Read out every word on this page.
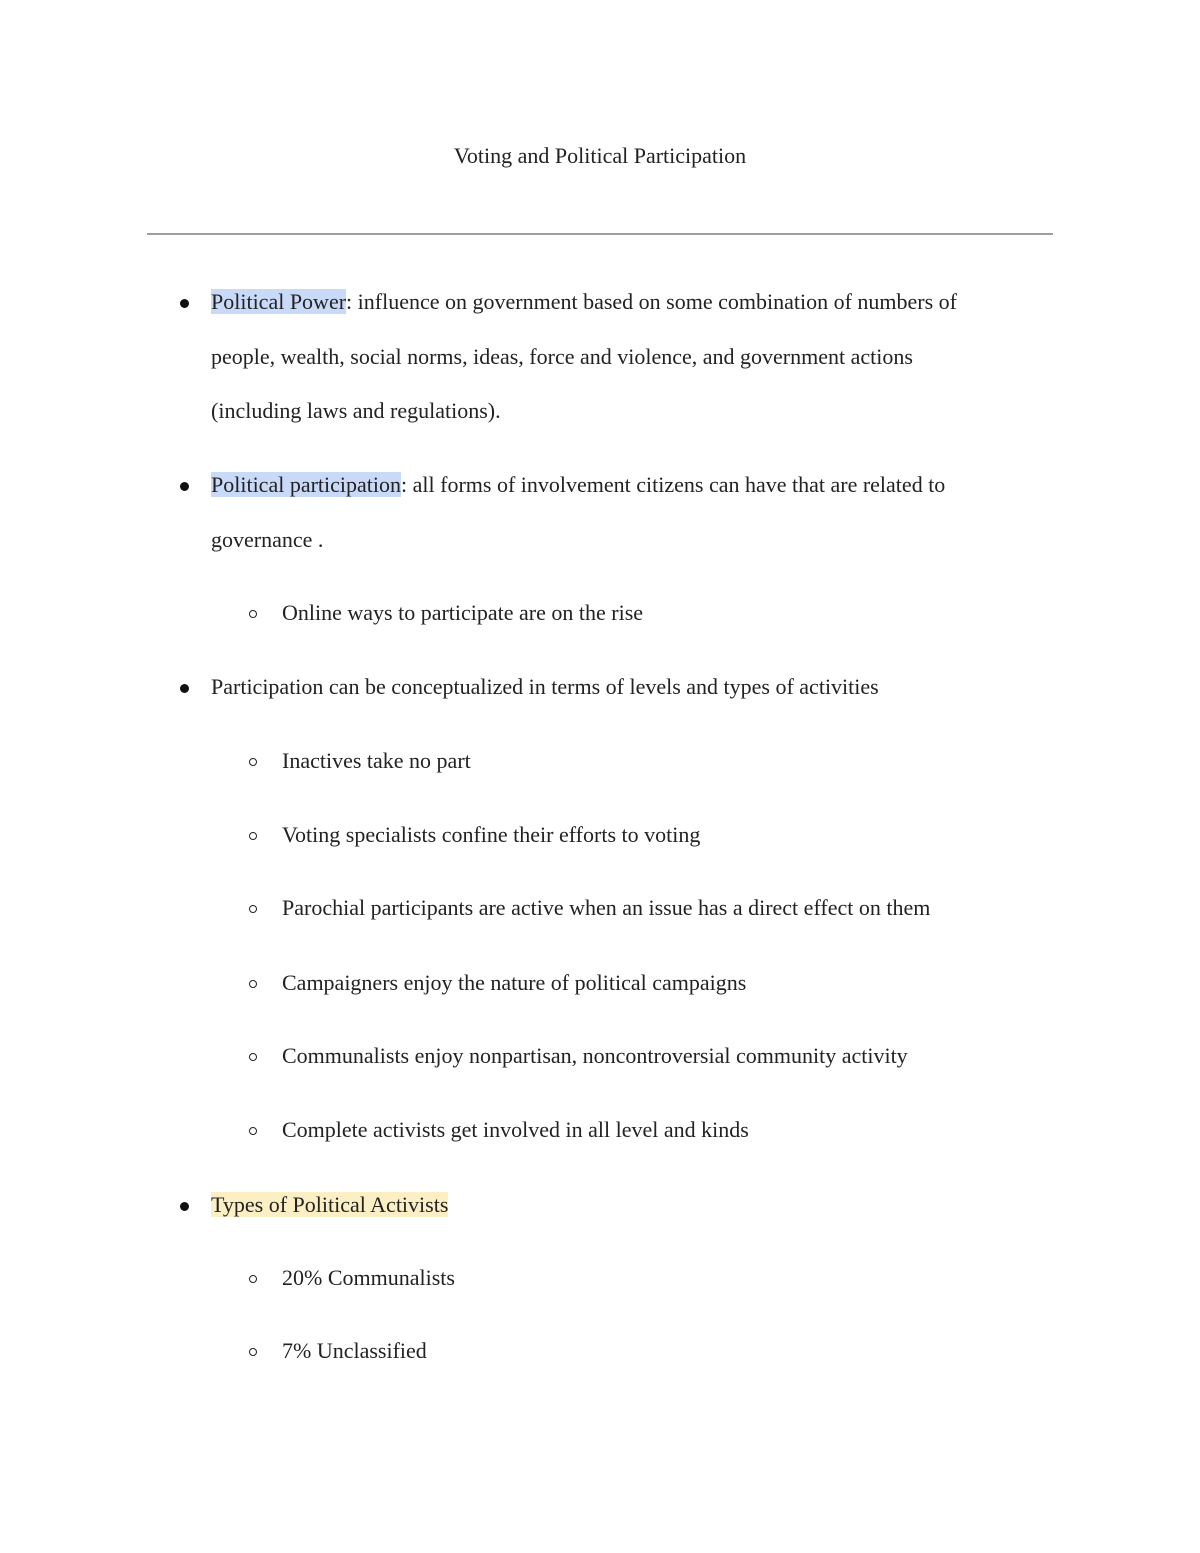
Voting and Political Participation
Political Power: influence on government based on some combination of numbers of
people, wealth, social norms, ideas, force and violence, and government actions
(including laws and regulations).
Political participation: all forms of involvement citizens can have that are related to
governance .
Online ways to participate are on the rise
Participation can be conceptualized in terms of levels and types of activities
Inactives take no part
Voting specialists confine their efforts to voting
Parochial participants are active when an issue has a direct effect on them
Campaigners enjoy the nature of political campaigns
Communalists enjoy nonpartisan, noncontroversial community activity
Complete activists get involved in all level and kinds
Types of Political Activists
20% Communalists
7% Unclassified
